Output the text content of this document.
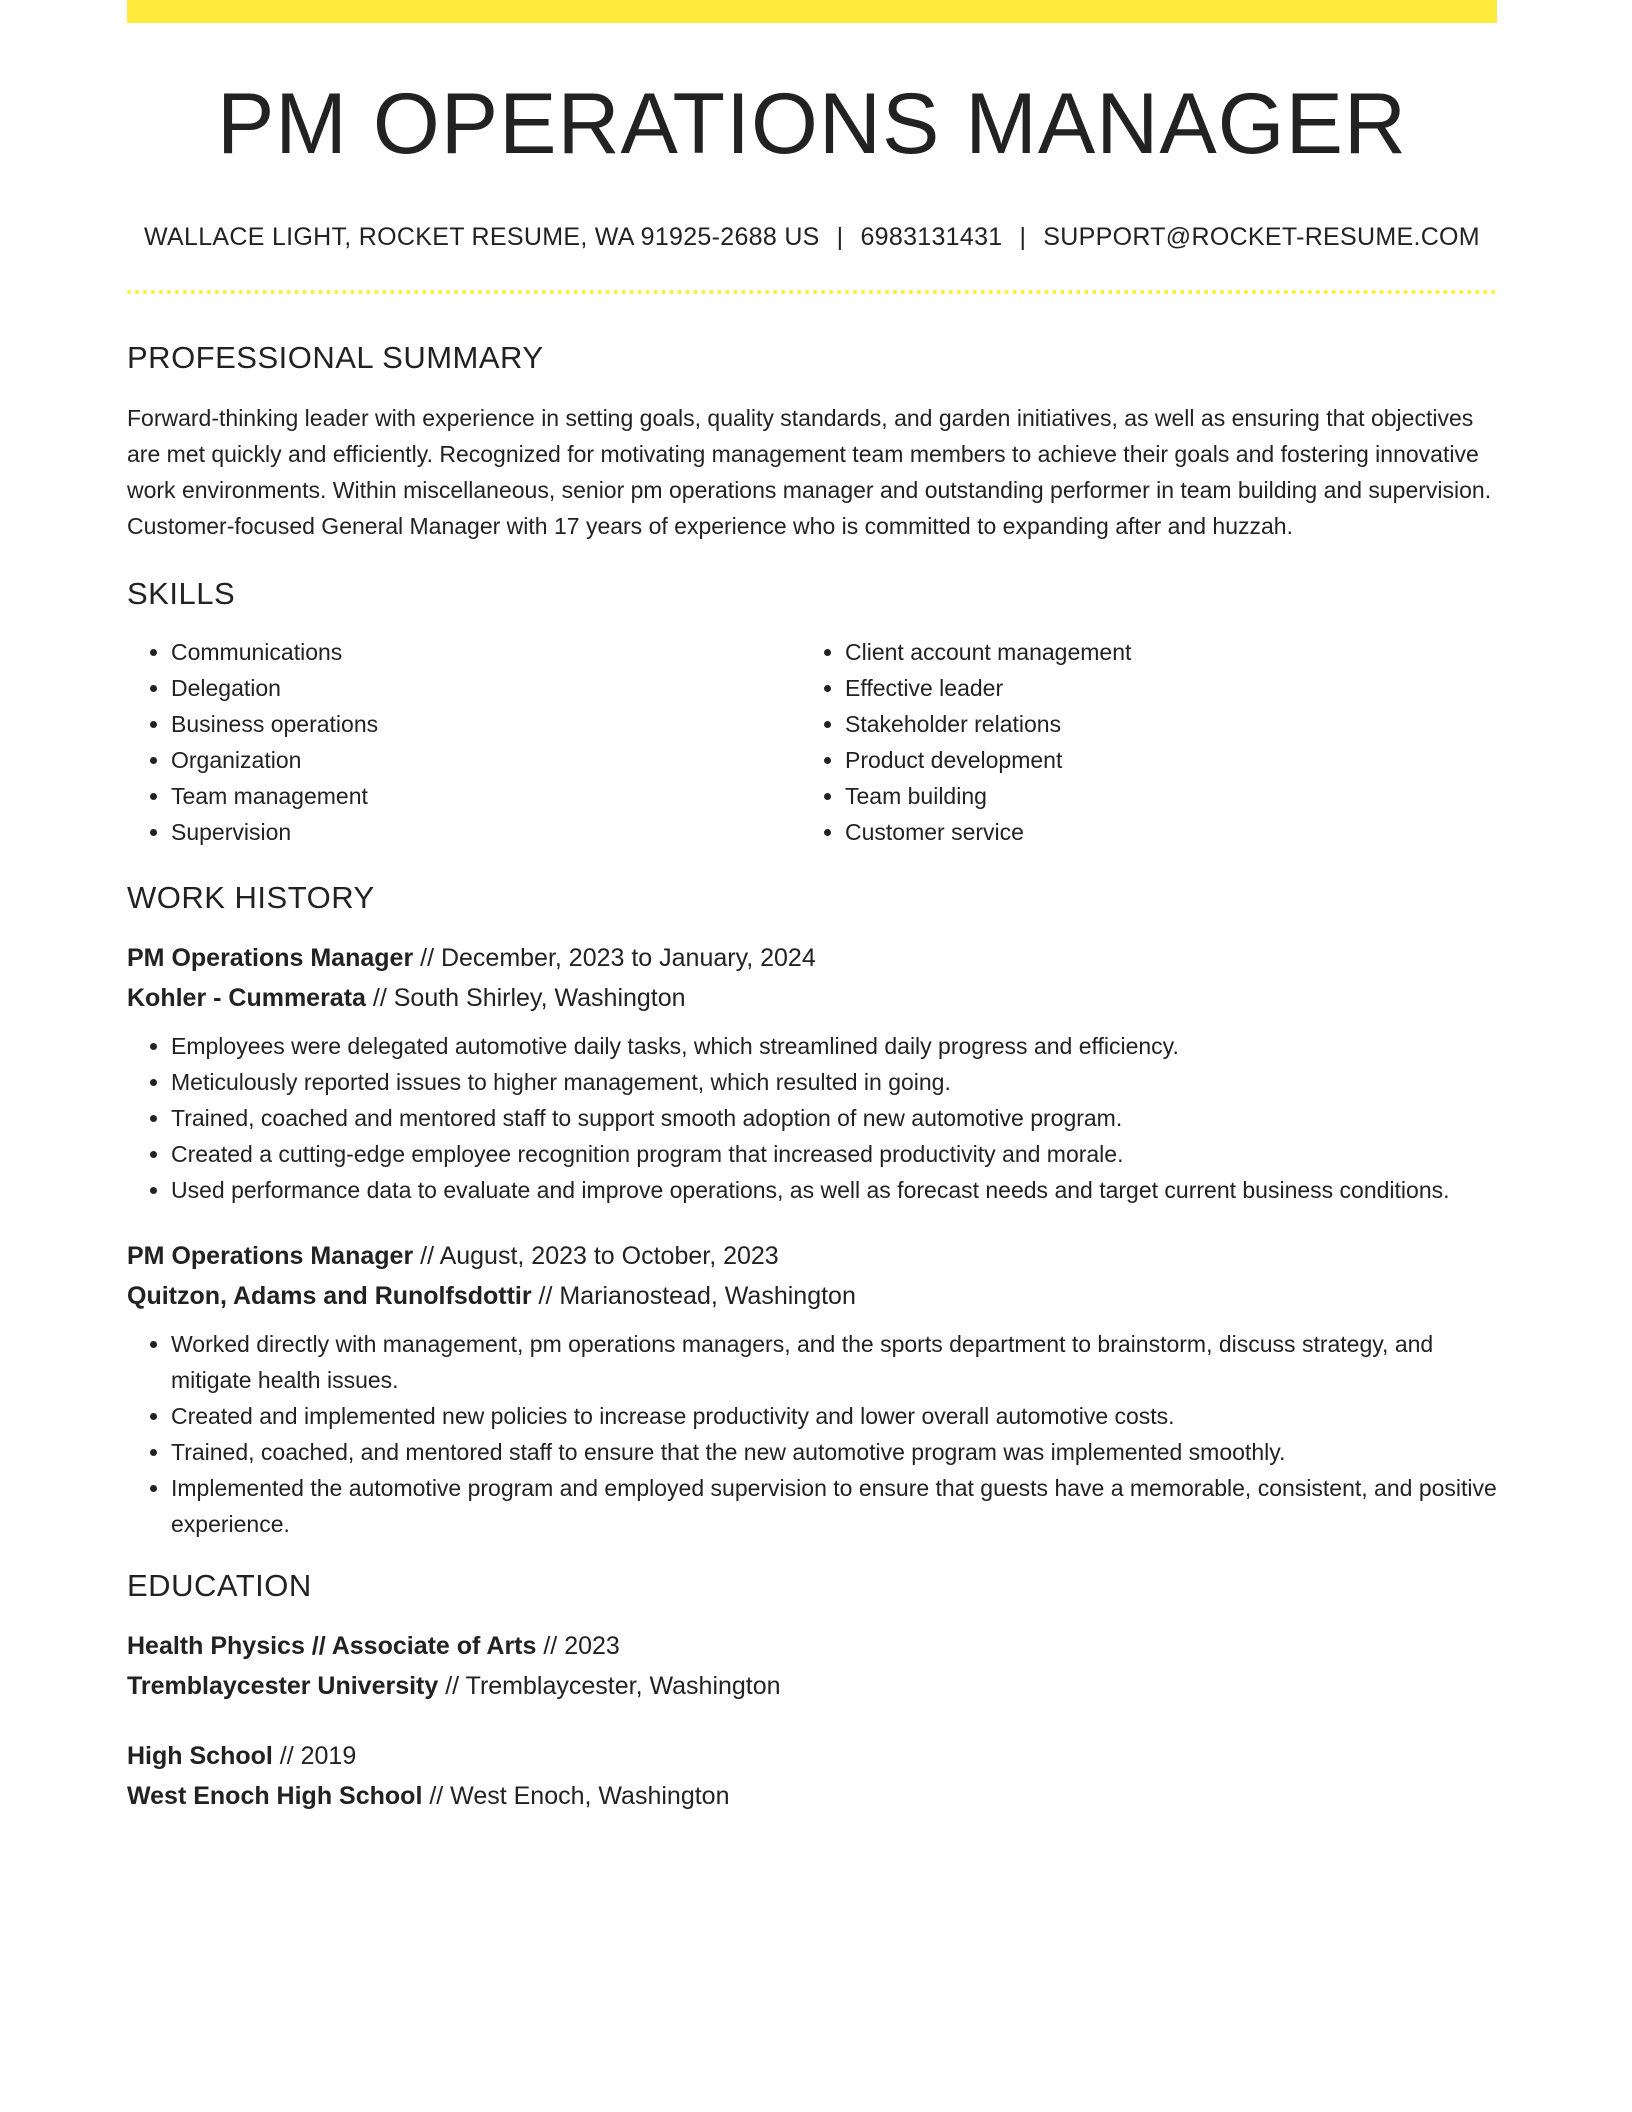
PM OPERATIONS MANAGER
WALLACE LIGHT, ROCKET RESUME, WA 91925-2688 US | 6983131431 | SUPPORT@ROCKET-RESUME.COM
PROFESSIONAL SUMMARY
Forward-thinking leader with experience in setting goals, quality standards, and garden initiatives, as well as ensuring that objectives are met quickly and efficiently. Recognized for motivating management team members to achieve their goals and fostering innovative work environments. Within miscellaneous, senior pm operations manager and outstanding performer in team building and supervision. Customer-focused General Manager with 17 years of experience who is committed to expanding after and huzzah.
SKILLS
• Communications
• Delegation
• Business operations
• Organization
• Team management
• Supervision
• Client account management
• Effective leader
• Stakeholder relations
• Product development
• Team building
• Customer service
WORK HISTORY
PM Operations Manager // December, 2023 to January, 2024
Kohler - Cummerata // South Shirley, Washington
• Employees were delegated automotive daily tasks, which streamlined daily progress and efficiency.
• Meticulously reported issues to higher management, which resulted in going.
• Trained, coached and mentored staff to support smooth adoption of new automotive program.
• Created a cutting-edge employee recognition program that increased productivity and morale.
• Used performance data to evaluate and improve operations, as well as forecast needs and target current business conditions.
PM Operations Manager // August, 2023 to October, 2023
Quitzon, Adams and Runolfsdottir // Marianostead, Washington
• Worked directly with management, pm operations managers, and the sports department to brainstorm, discuss strategy, and mitigate health issues.
• Created and implemented new policies to increase productivity and lower overall automotive costs.
• Trained, coached, and mentored staff to ensure that the new automotive program was implemented smoothly.
• Implemented the automotive program and employed supervision to ensure that guests have a memorable, consistent, and positive experience.
EDUCATION
Health Physics // Associate of Arts // 2023
Tremblaycester University // Tremblaycester, Washington
High School // 2019
West Enoch High School // West Enoch, Washington
